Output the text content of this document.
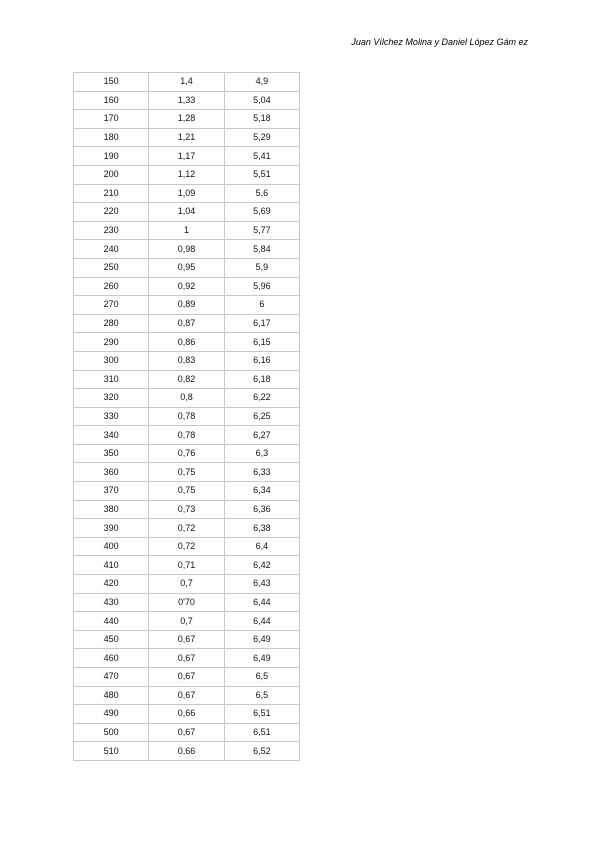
Juan Vílchez Molina y Daniel López Gám ez
150	1,4	4,9
160	1,33	5,04
170	1,28	5,18
180	1,21	5,29
190	1,17	5,41
200	1,12	5,51
210	1,09	5,6
220	1,04	5,69
230	1	5,77
240	0,98	5,84
250	0,95	5,9
260	0,92	5,96
270	0,89	6
280	0,87	6,17
290	0,86	6,15
300	0,83	6,16
310	0,82	6,18
320	0,8	6,22
330	0,78	6,25
340	0,78	6,27
350	0,76	6,3
360	0,75	6,33
370	0,75	6,34
380	0,73	6,36
390	0,72	6,38
400	0,72	6,4
410	0,71	6,42
420	0,7	6,43
430	0'70	6,44
440	0,7	6,44
450	0,67	6,49
460	0,67	6,49
470	0,67	6,5
480	0,67	6,5
490	0,66	6,51
500	0,67	6,51
510	0,66	6,52
